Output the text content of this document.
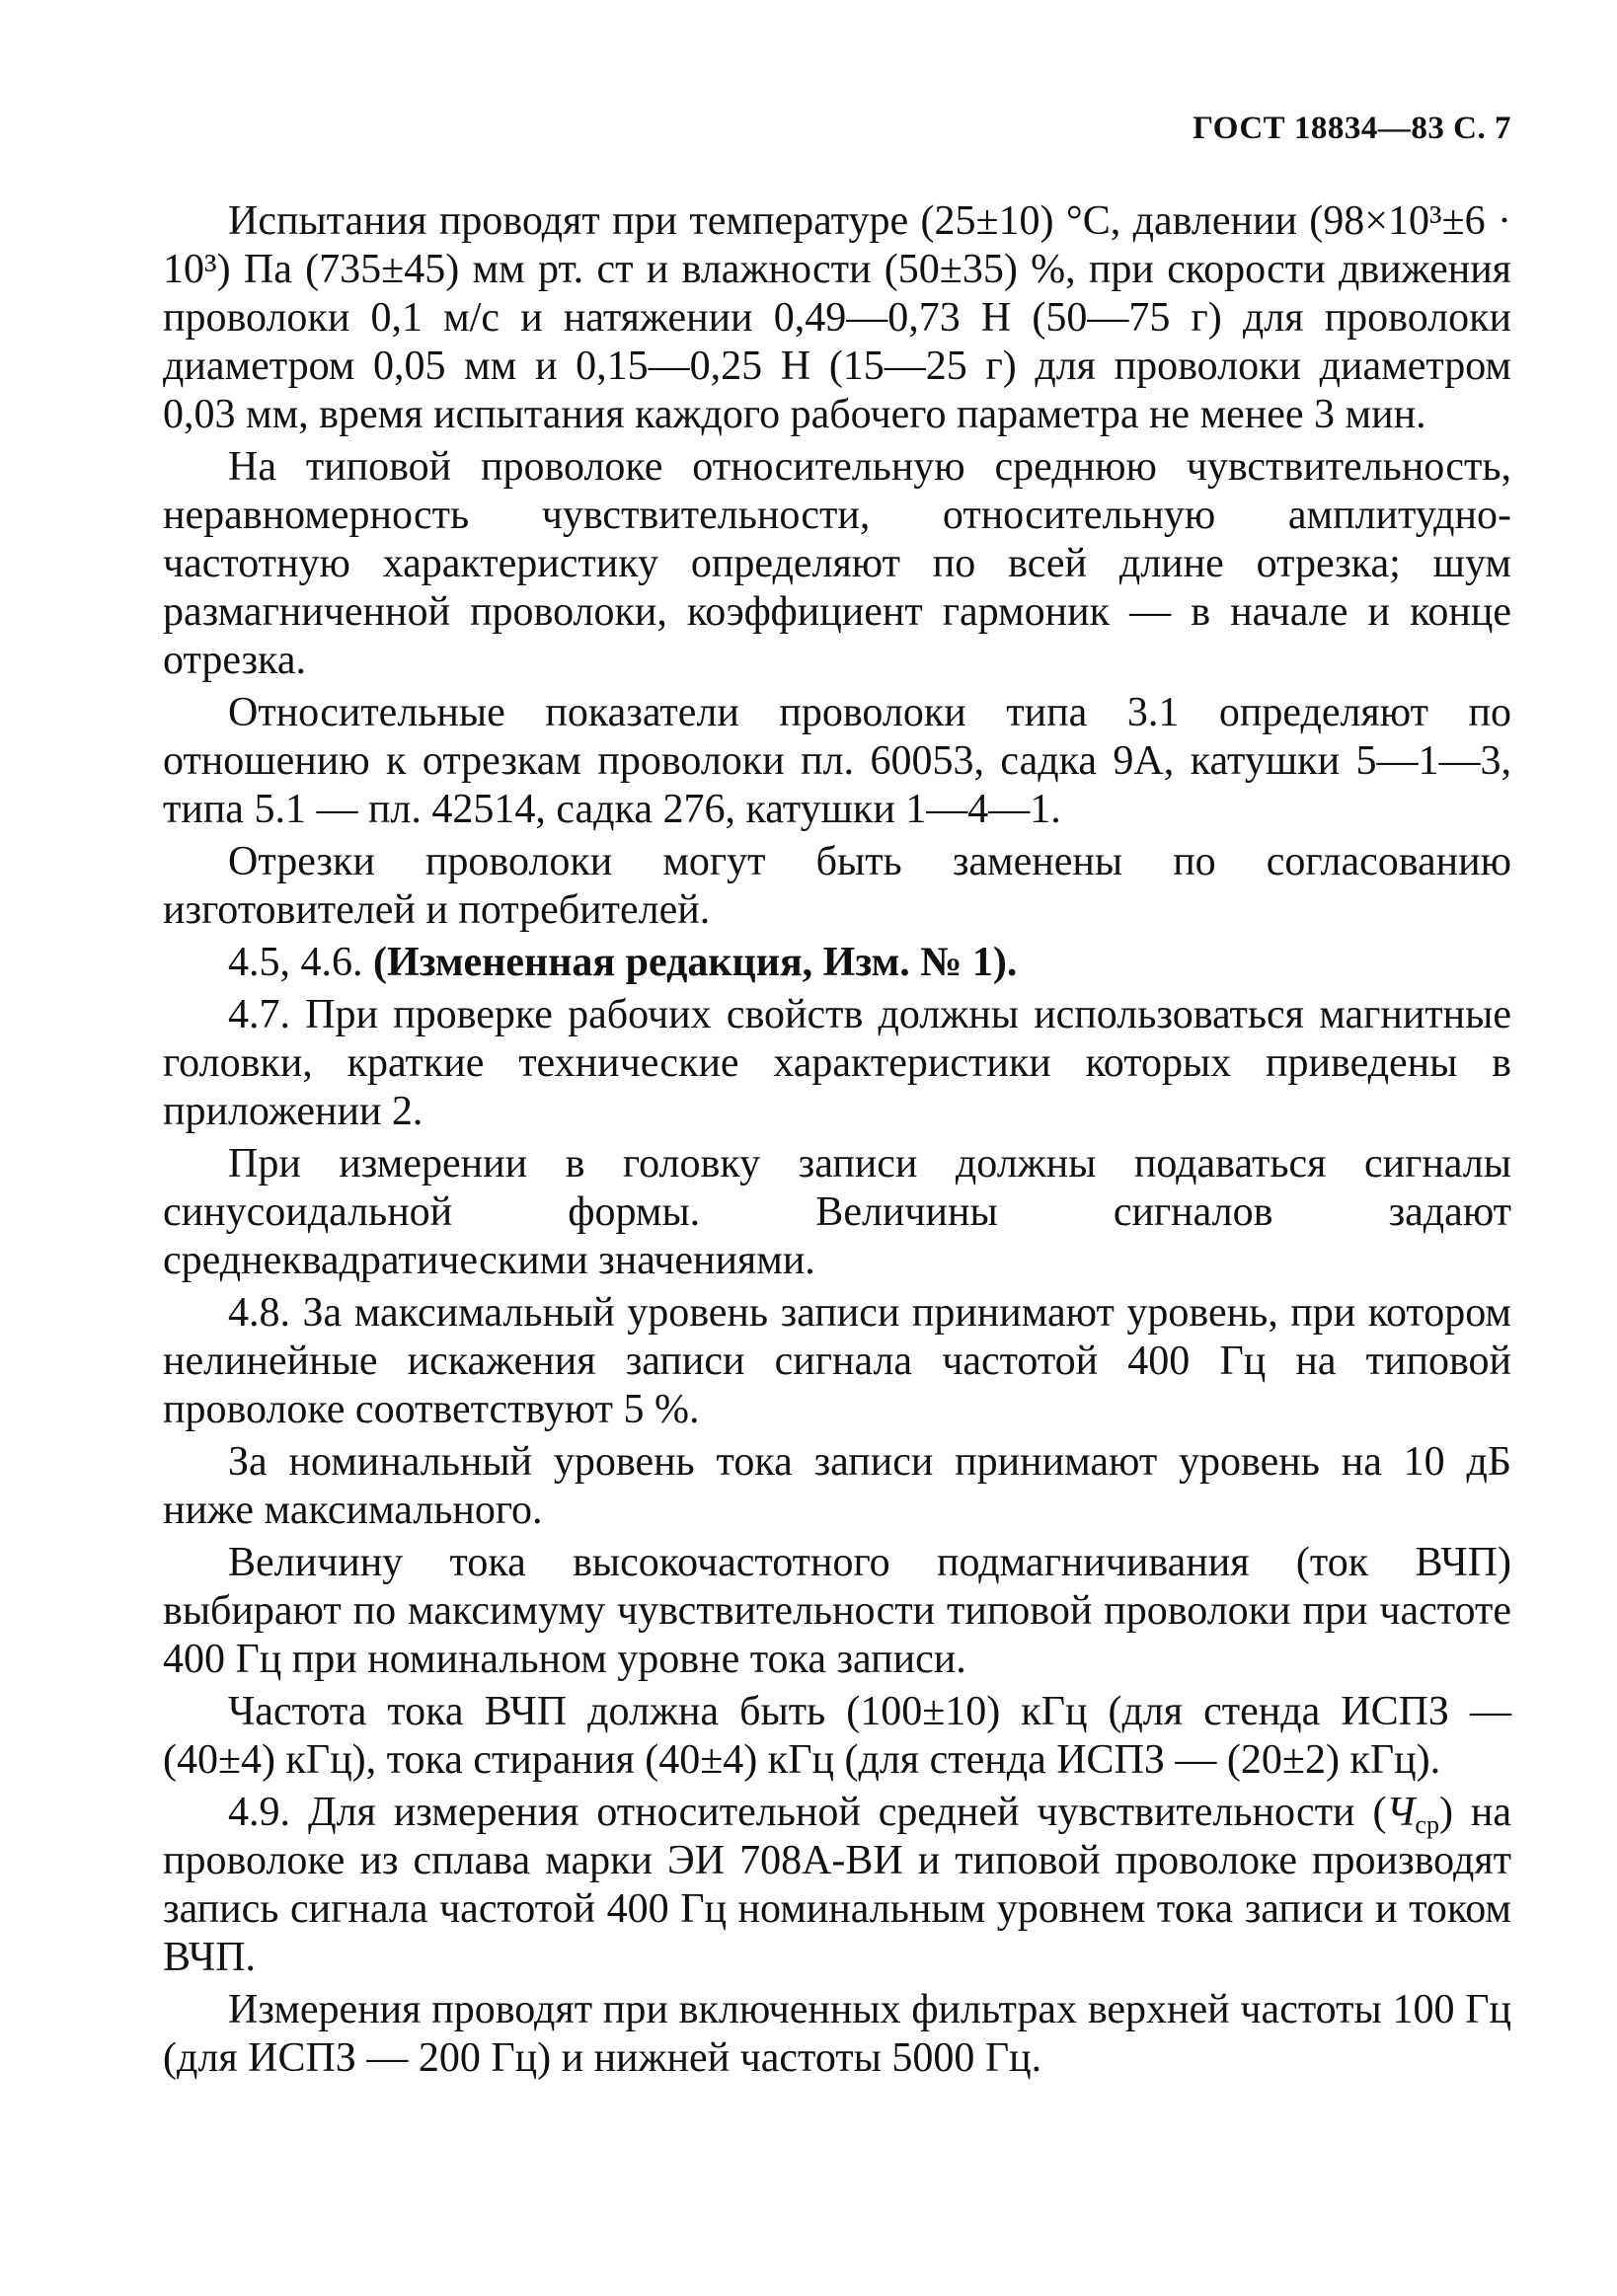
ГОСТ 18834—83 С. 7

Испытания проводят при температуре (25±10) °С, давлении (98×10³±6 · 10³) Па (735±45) мм рт. ст и влажности (50±35) %, при скорости движения проволоки 0,1 м/с и натяжении 0,49—0,73 Н (50—75 г) для проволоки диаметром 0,05 мм и 0,15—0,25 Н (15—25 г) для проволоки диаметром 0,03 мм, время испытания каждого рабочего параметра не менее 3 мин.

На типовой проволоке относительную среднюю чувствительность, неравномерность чувствительности, относительную амплитудно-частотную характеристику определяют по всей длине отрезка; шум размагниченной проволоки, коэффициент гармоник — в начале и конце отрезка.

Относительные показатели проволоки типа 3.1 определяют по отношению к отрезкам проволоки пл. 60053, садка 9А, катушки 5—1—3, типа 5.1 — пл. 42514, садка 276, катушки 1—4—1.

Отрезки проволоки могут быть заменены по согласованию изготовителей и потребителей.

4.5, 4.6. (Измененная редакция, Изм. № 1).

4.7. При проверке рабочих свойств должны использоваться магнитные головки, краткие технические характеристики которых приведены в приложении 2.

При измерении в головку записи должны подаваться сигналы синусоидальной формы. Величины сигналов задают среднеквадратическими значениями.

4.8. За максимальный уровень записи принимают уровень, при котором нелинейные искажения записи сигнала частотой 400 Гц на типовой проволоке соответствуют 5 %.

За номинальный уровень тока записи принимают уровень на 10 дБ ниже максимального.

Величину тока высокочастотного подмагничивания (ток ВЧП) выбирают по максимуму чувствительности типовой проволоки при частоте 400 Гц при номинальном уровне тока записи.

Частота тока ВЧП должна быть (100±10) кГц (для стенда ИСПЗ — (40±4) кГц), тока стирания (40±4) кГц (для стенда ИСПЗ — (20±2) кГц).

4.9. Для измерения относительной средней чувствительности $(Ч_{ср})$ на проволоке из сплава марки ЭИ 708А-ВИ и типовой проволоке производят запись сигнала частотой 400 Гц номинальным уровнем тока записи и током ВЧП.

Измерения проводят при включенных фильтрах верхней частоты 100 Гц (для ИСПЗ — 200 Гц) и нижней частоты 5000 Гц.
